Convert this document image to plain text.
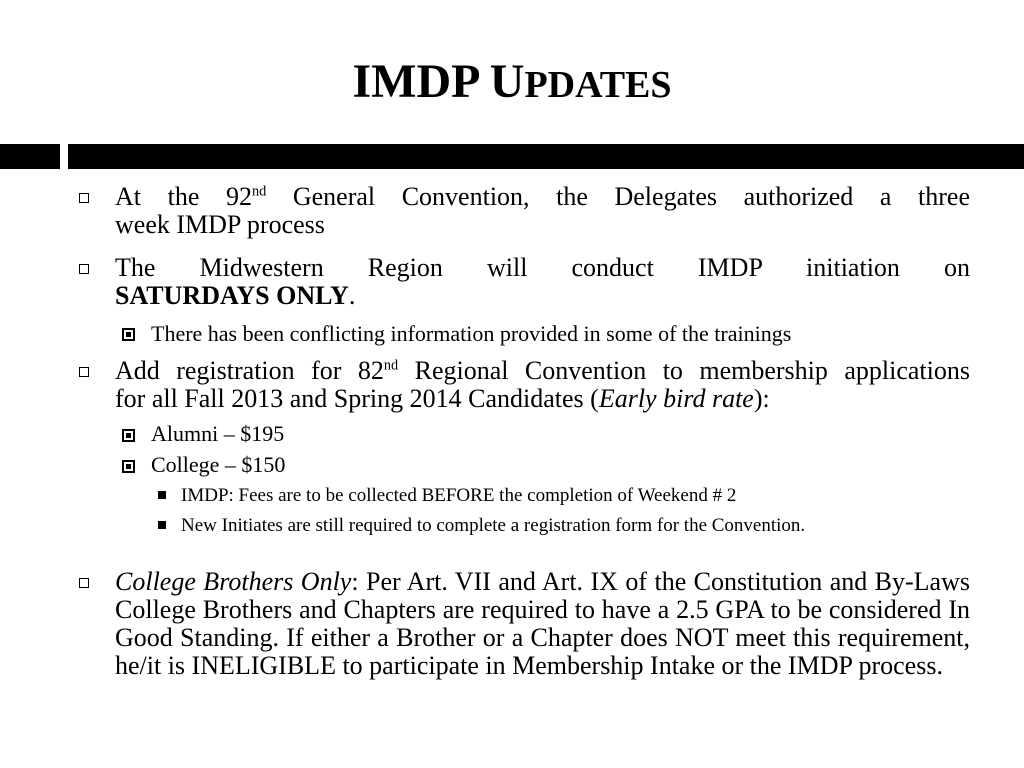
IMDP UPDATES
At the 92nd General Convention, the Delegates authorized a three
week IMDP process
The Midwestern Region will conduct IMDP initiation on
SATURDAYS ONLY.
There has been conflicting information provided in some of the trainings
Add registration for 82nd Regional Convention to membership applications
for all Fall 2013 and Spring 2014 Candidates (Early bird rate):
Alumni – $195
College – $150
IMDP: Fees are to be collected BEFORE the completion of Weekend # 2
New Initiates are still required to complete a registration form for the Convention.
College Brothers Only: Per Art. VII and Art. IX of the Constitution and By-Laws College Brothers and Chapters are required to have a 2.5 GPA to be considered In Good Standing. If either a Brother or a Chapter does NOT meet this requirement, he/it is INELIGIBLE to participate in Membership Intake or the IMDP process.
